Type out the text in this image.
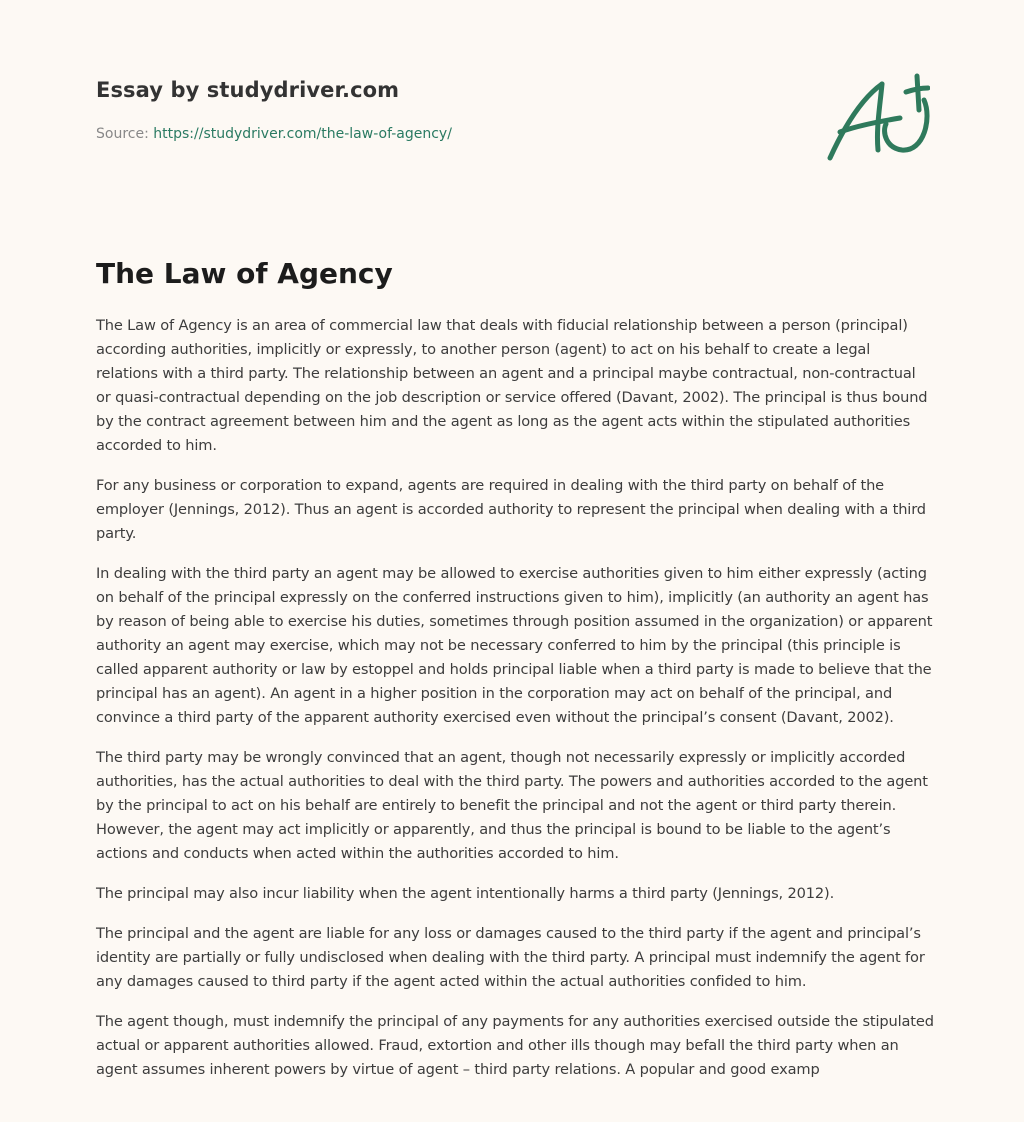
Essay by studydriver.com
Source: https://studydriver.com/the-law-of-agency/
The Law of Agency

The Law of Agency is an area of commercial law that deals with fiducial relationship between a person (principal) according authorities, implicitly or expressly, to another person (agent) to act on his behalf to create a legal relations with a third party. The relationship between an agent and a principal maybe contractual, non-contractual or quasi-contractual depending on the job description or service offered (Davant, 2002). The principal is thus bound by the contract agreement between him and the agent as long as the agent acts within the stipulated authorities accorded to him.

For any business or corporation to expand, agents are required in dealing with the third party on behalf of the employer (Jennings, 2012). Thus an agent is accorded authority to represent the principal when dealing with a third party.

In dealing with the third party an agent may be allowed to exercise authorities given to him either expressly (acting on behalf of the principal expressly on the conferred instructions given to him), implicitly (an authority an agent has by reason of being able to exercise his duties, sometimes through position assumed in the organization) or apparent authority an agent may exercise, which may not be necessary conferred to him by the principal (this principle is called apparent authority or law by estoppel and holds principal liable when a third party is made to believe that the principal has an agent). An agent in a higher position in the corporation may act on behalf of the principal, and convince a third party of the apparent authority exercised even without the principal’s consent (Davant, 2002).

The third party may be wrongly convinced that an agent, though not necessarily expressly or implicitly accorded authorities, has the actual authorities to deal with the third party. The powers and authorities accorded to the agent by the principal to act on his behalf are entirely to benefit the principal and not the agent or third party therein. However, the agent may act implicitly or apparently, and thus the principal is bound to be liable to the agent’s actions and conducts when acted within the authorities accorded to him.

The principal may also incur liability when the agent intentionally harms a third party (Jennings, 2012).

The principal and the agent are liable for any loss or damages caused to the third party if the agent and principal’s identity are partially or fully undisclosed when dealing with the third party. A principal must indemnify the agent for any damages caused to third party if the agent acted within the actual authorities confided to him.

The agent though, must indemnify the principal of any payments for any authorities exercised outside the stipulated actual or apparent authorities allowed. Fraud, extortion and other ills though may befall the third party when an agent assumes inherent powers by virtue of agent – third party relations. A popular and good examp
